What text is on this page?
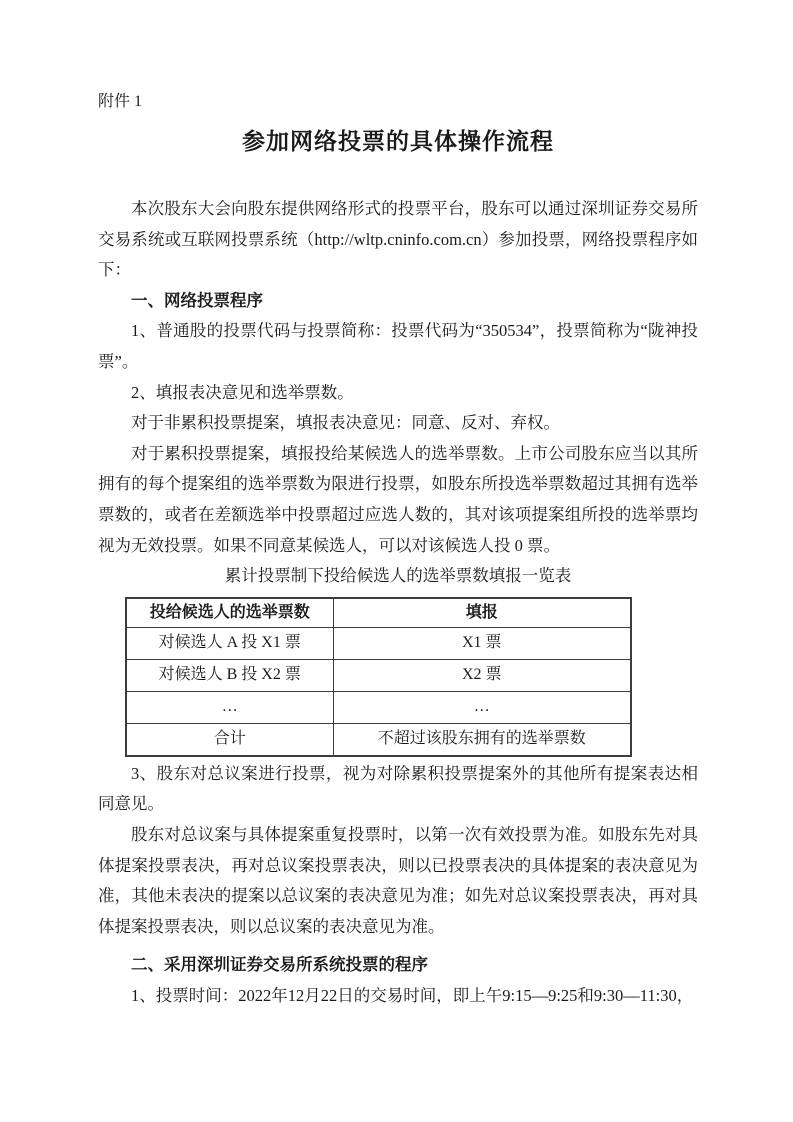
附件 1
参加网络投票的具体操作流程

本次股东大会向股东提供网络形式的投票平台，股东可以通过深圳证券交易所交易系统或互联网投票系统（http://wltp.cninfo.com.cn）参加投票，网络投票程序如下：

一、网络投票程序

1、普通股的投票代码与投票简称：投票代码为“350534”，投票简称为“陇神投票”。

2、填报表决意见和选举票数。

对于非累积投票提案，填报表决意见：同意、反对、弃权。

对于累积投票提案，填报投给某候选人的选举票数。上市公司股东应当以其所拥有的每个提案组的选举票数为限进行投票，如股东所投选举票数超过其拥有选举票数的，或者在差额选举中投票超过应选人数的，其对该项提案组所投的选举票均视为无效投票。如果不同意某候选人，可以对该候选人投 0 票。

累计投票制下投给候选人的选举票数填报一览表

投给候选人的选举票数	填报
对候选人 A 投 X1 票	X1 票
对候选人 B 投 X2 票	X2 票
…	…
合计	不超过该股东拥有的选举票数

3、股东对总议案进行投票，视为对除累积投票提案外的其他所有提案表达相同意见。

股东对总议案与具体提案重复投票时，以第一次有效投票为准。如股东先对具体提案投票表决，再对总议案投票表决，则以已投票表决的具体提案的表决意见为准，其他未表决的提案以总议案的表决意见为准；如先对总议案投票表决，再对具体提案投票表决，则以总议案的表决意见为准。

二、采用深圳证券交易所系统投票的程序

1、投票时间：2022年12月22日的交易时间，即上午9:15—9:25和9:30—11:30，
